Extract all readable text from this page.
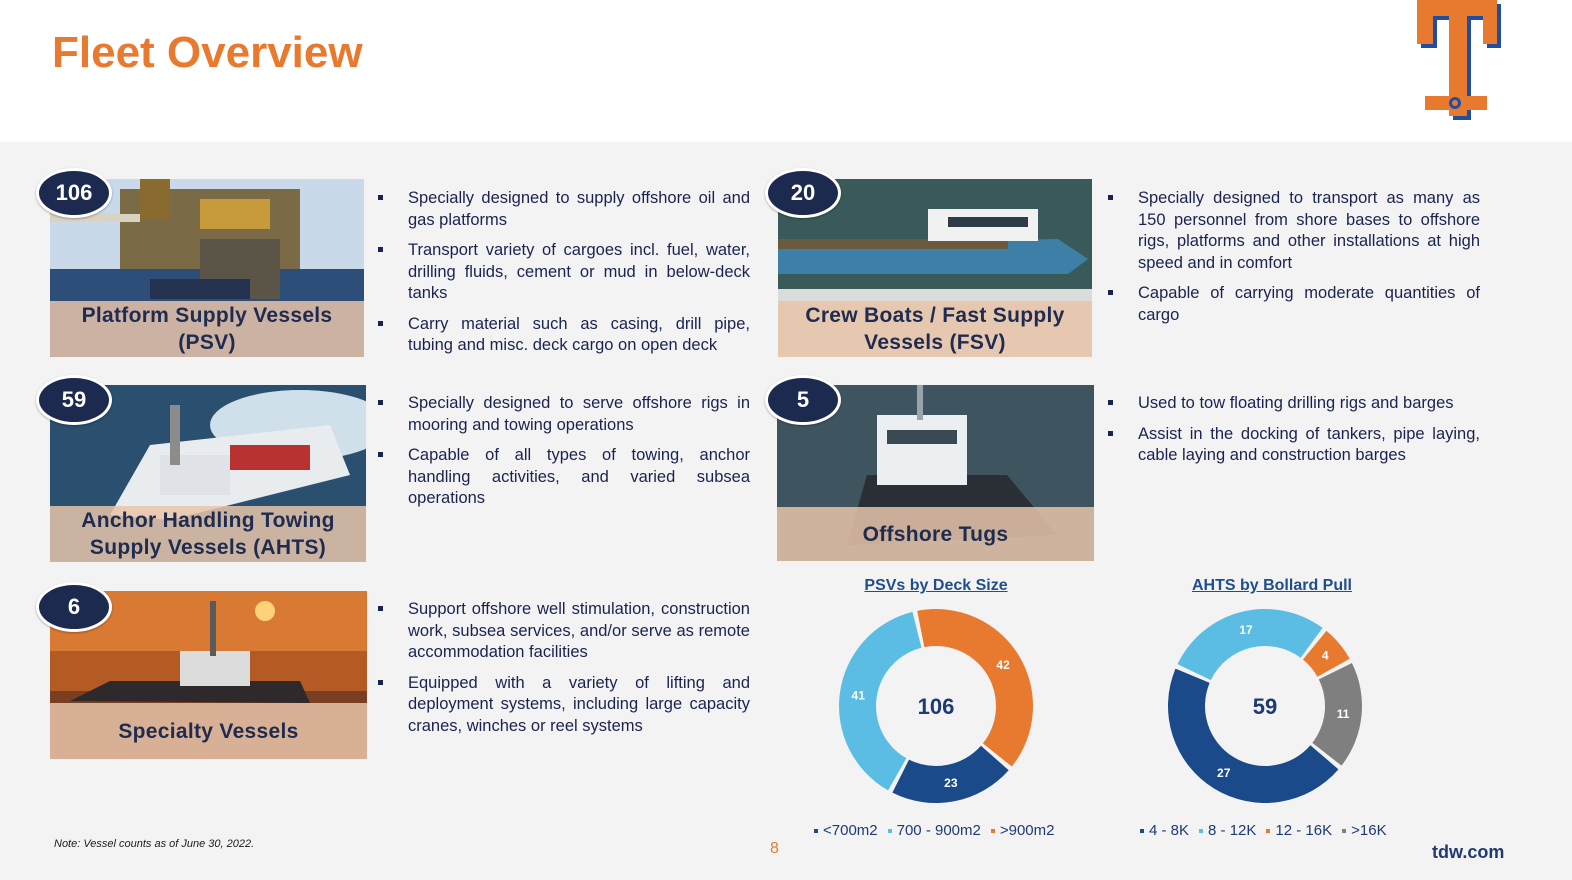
Fleet Overview
Platform Supply Vessels (PSV)
106	Specially designed to supply offshore oil and gas platforms
Transport variety of cargoes incl. fuel, water, drilling fluids, cement or mud in below-deck tanks
Carry material such as casing, drill pipe, tubing and misc. deck cargo on open deck
Crew Boats / Fast Supply Vessels (FSV)
20	Specially designed to transport as many as 150 personnel from shore bases to offshore rigs, platforms and other installations at high speed and in comfort
Capable of carrying moderate quantities of cargo
Anchor Handling Towing Supply Vessels (AHTS)
59	Specially designed to serve offshore rigs in mooring and towing operations
Capable of all types of towing, anchor handling activities, and varied subsea operations
Offshore Tugs
5	Used to tow floating drilling rigs and barges
Assist in the docking of tankers, pipe laying, cable laying and construction barges
Specialty Vessels
6	Support offshore well stimulation, construction work, subsea services, and/or serve as remote accommodation facilities
Equipped with a variety of lifting and deployment systems, including large capacity cranes, winches or reel systems
PSVs by Deck Size
42
23
41 106
<700m2 700 - 900m2 >900m2
AHTS by Bollard Pull
17
4
11
27
59
4 - 8K 8 - 12K 12 - 16K >16K
Note: Vessel counts as of June 30, 2022.	8	tdw.com
